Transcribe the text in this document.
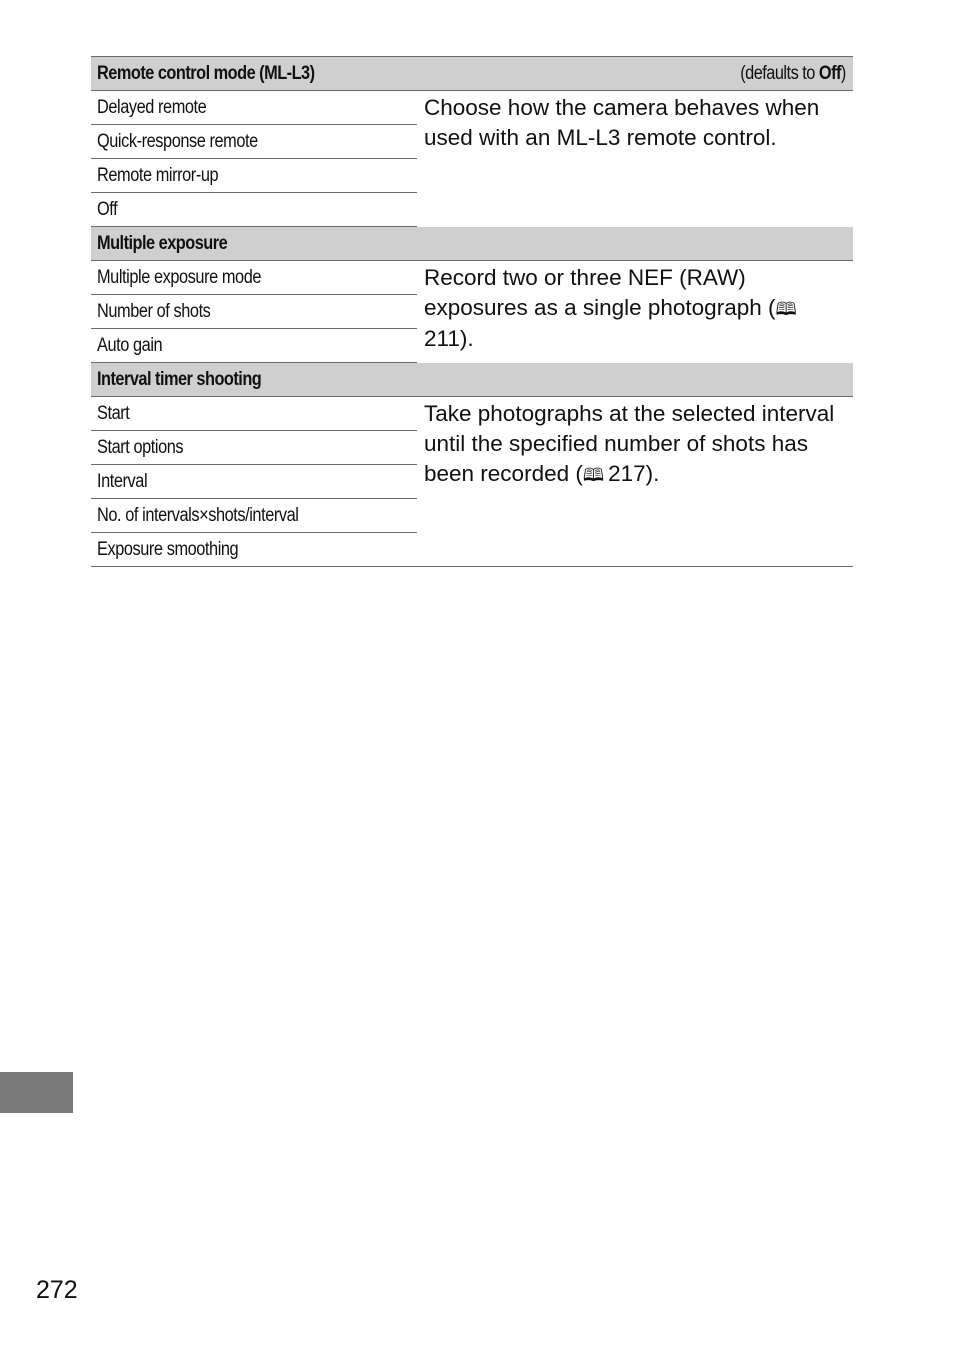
Remote control mode (ML-L3)	(defaults to Off)
Delayed remote
Quick-response remote
Remote mirror-up
Off
Choose how the camera behaves when used with an ML-L3 remote control.
Multiple exposure
Multiple exposure mode
Number of shots
Auto gain
Record two or three NEF (RAW) exposures as a single photograph (🕮211).
Interval timer shooting
Start
Start options
Interval
No. of intervals×shots/interval
Exposure smoothing
Take photographs at the selected interval until the specified number of shots has been recorded (🕮 217).
272
